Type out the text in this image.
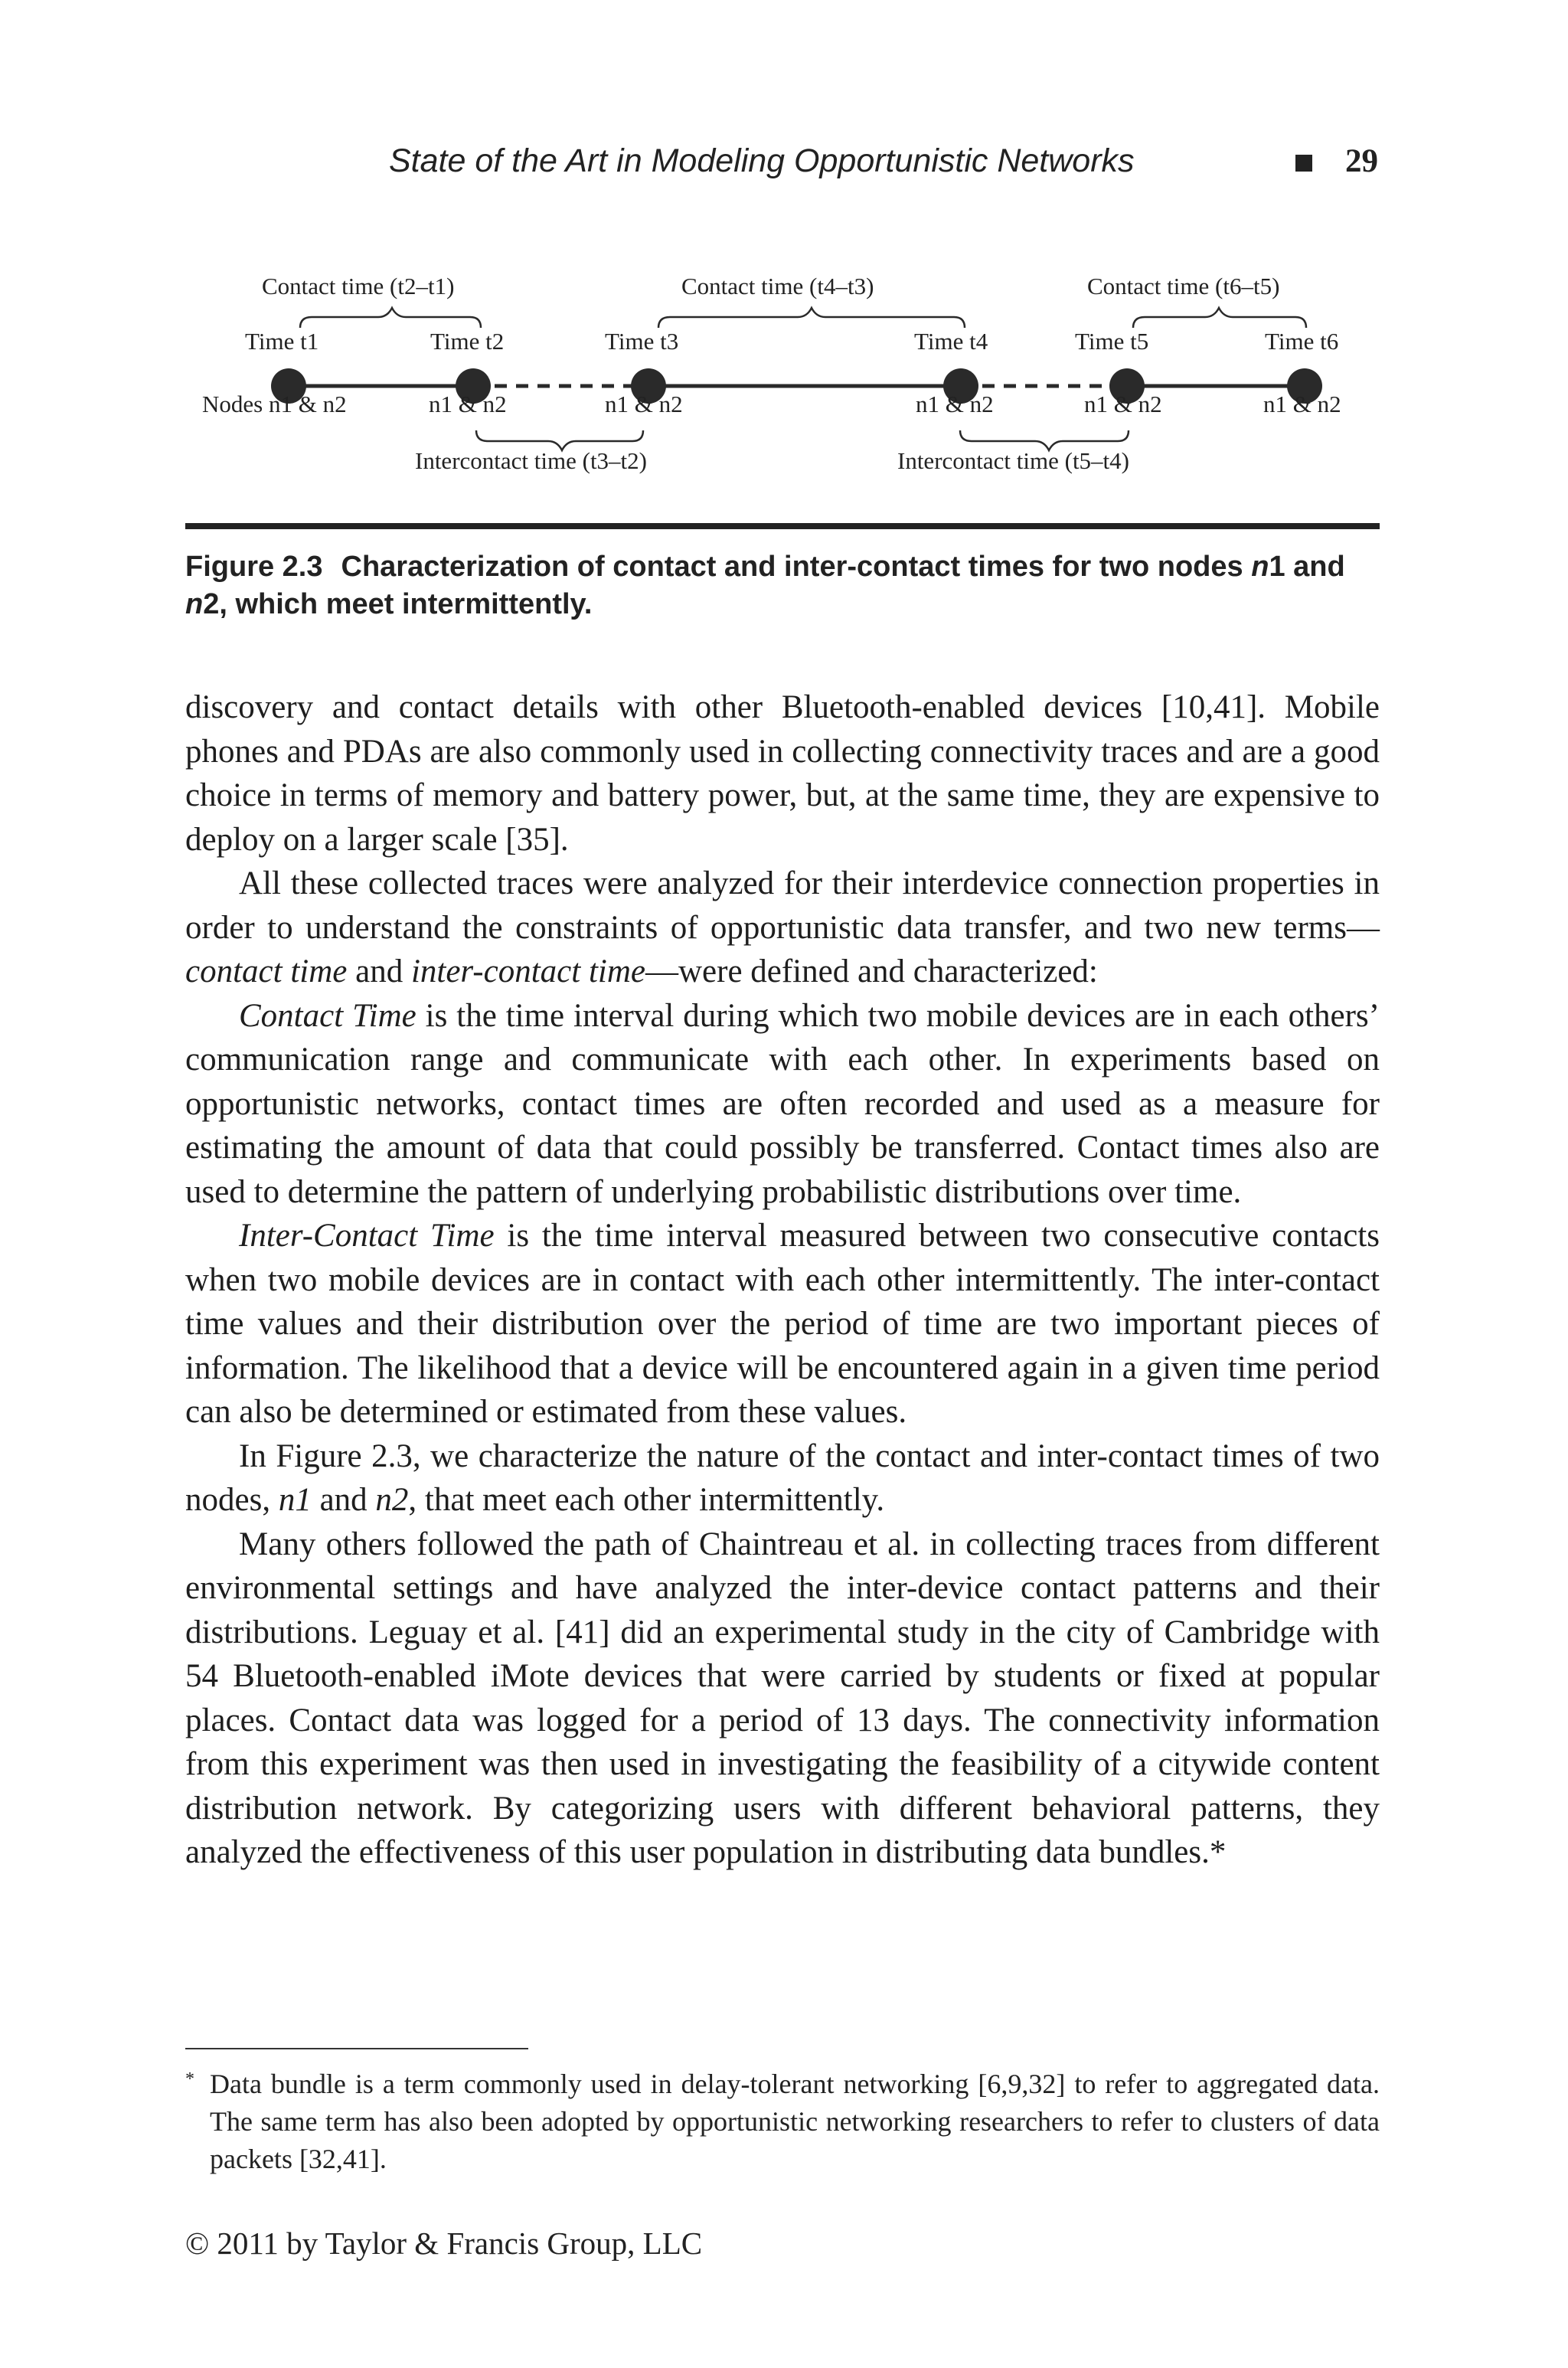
State of the Art in Modeling Opportunistic Networks	29
Contact time (t2–t1)	Contact time (t4–t3)	Contact time (t6–t5)
Time t1	Time t2	Time t3	Time t4	Time t5	Time t6
Nodes n1 & n2	n1 & n2	n1 & n2	n1 & n2	n1 & n2	n1 & n2
Intercontact time (t3–t2)	Intercontact time (t5–t4)
Figure 2.3 Characterization of contact and inter-contact times for two nodes n1 and n2, which meet intermittently.

discovery and contact details with other Bluetooth-enabled devices [10,41]. Mobile phones and PDAs are also commonly used in collecting connectivity traces and are a good choice in terms of memory and battery power, but, at the same time, they are expensive to deploy on a larger scale [35].

All these collected traces were analyzed for their interdevice connection properties in order to understand the constraints of opportunistic data transfer, and two new terms—contact time and inter-contact time—were defined and characterized:

Contact Time is the time interval during which two mobile devices are in each others’ communication range and communicate with each other. In experiments based on opportunistic networks, contact times are often recorded and used as a measure for estimating the amount of data that could possibly be transferred. Contact times also are used to determine the pattern of underlying probabilistic distributions over time.

Inter-Contact Time is the time interval measured between two consecutive contacts when two mobile devices are in contact with each other intermittently. The inter-contact time values and their distribution over the period of time are two important pieces of information. The likelihood that a device will be encountered again in a given time period can also be determined or estimated from these values.

In Figure 2.3, we characterize the nature of the contact and inter-contact times of two nodes, n1 and n2, that meet each other intermittently.

Many others followed the path of Chaintreau et al. in collecting traces from different environmental settings and have analyzed the inter-device contact patterns and their distributions. Leguay et al. [41] did an experimental study in the city of Cambridge with 54 Bluetooth-enabled iMote devices that were carried by students or fixed at popular places. Contact data was logged for a period of 13 days. The connectivity information from this experiment was then used in investigating the feasibility of a citywide content distribution network. By categorizing users with different behavioral patterns, they analyzed the effectiveness of this user population in distributing data bundles.*

* Data bundle is a term commonly used in delay-tolerant networking [6,9,32] to refer to aggregated data. The same term has also been adopted by opportunistic networking researchers to refer to clusters of data packets [32,41].
© 2011 by Taylor & Francis Group, LLC
